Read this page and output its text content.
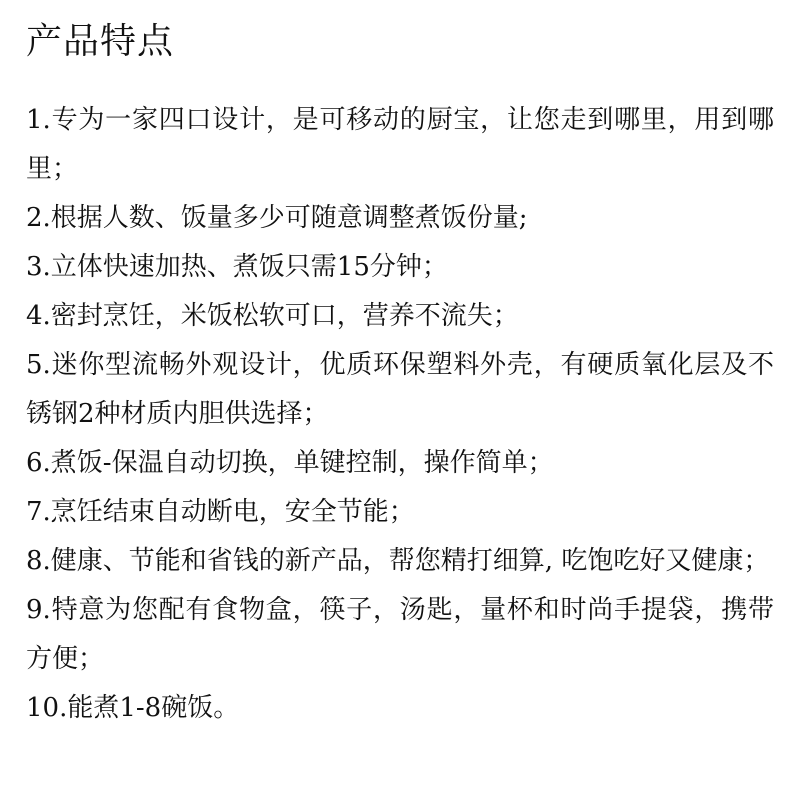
产品特点
1.专为一家四口设计，是可移动的厨宝，让您走到哪里，用到哪里；
2.根据人数、饭量多少可随意调整煮饭份量;
3.立体快速加热、煮饭只需15分钟；
4.密封烹饪，米饭松软可口，营养不流失；
5.迷你型流畅外观设计，优质环保塑料外壳，有硬质氧化层及不锈钢2种材质内胆供选择；
6.煮饭-保温自动切换，单键控制，操作简单；
7.烹饪结束自动断电，安全节能；
8.健康、节能和省钱的新产品，帮您精打细算, 吃饱吃好又健康；
9.特意为您配有食物盒，筷子，汤匙，量杯和时尚手提袋，携带方便；
10.能煮1-8碗饭。
